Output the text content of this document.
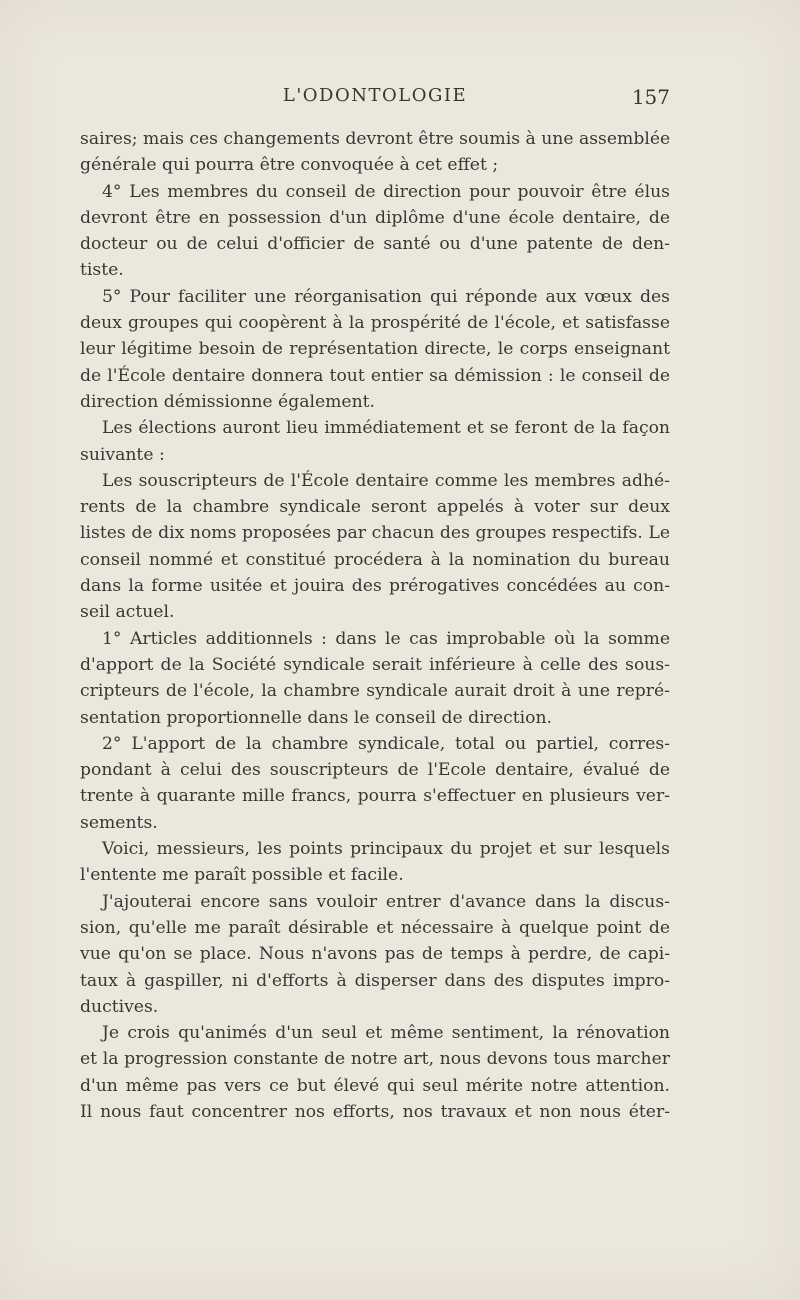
L'ODONTOLOGIE	157
saires; mais ces changements devront être soumis à une assemblée
générale qui pourra être convoquée à cet effet ;
4° Les membres du conseil de direction pour pouvoir être élus
devront être en possession d'un diplôme d'une école dentaire, de
docteur ou de celui d'officier de santé ou d'une patente de den-
tiste.
5° Pour faciliter une réorganisation qui réponde aux vœux des
deux groupes qui coopèrent à la prospérité de l'école, et satisfasse
leur légitime besoin de représentation directe, le corps enseignant
de l'École dentaire donnera tout entier sa démission : le conseil de
direction démissionne également.
Les élections auront lieu immédiatement et se feront de la façon
suivante :
Les souscripteurs de l'École dentaire comme les membres adhé-
rents de la chambre syndicale seront appelés à voter sur deux
listes de dix noms proposées par chacun des groupes respectifs. Le
conseil nommé et constitué procédera à la nomination du bureau
dans la forme usitée et jouira des prérogatives concédées au con-
seil actuel.
1° Articles additionnels : dans le cas improbable où la somme
d'apport de la Société syndicale serait inférieure à celle des sous-
cripteurs de l'école, la chambre syndicale aurait droit à une repré-
sentation proportionnelle dans le conseil de direction.
2° L'apport de la chambre syndicale, total ou partiel, corres-
pondant à celui des souscripteurs de l'Ecole dentaire, évalué de
trente à quarante mille francs, pourra s'effectuer en plusieurs ver-
sements.
Voici, messieurs, les points principaux du projet et sur lesquels
l'entente me paraît possible et facile.
J'ajouterai encore sans vouloir entrer d'avance dans la discus-
sion, qu'elle me paraît désirable et nécessaire à quelque point de
vue qu'on se place. Nous n'avons pas de temps à perdre, de capi-
taux à gaspiller, ni d'efforts à disperser dans des disputes impro-
ductives.
Je crois qu'animés d'un seul et même sentiment, la rénovation
et la progression constante de notre art, nous devons tous marcher
d'un même pas vers ce but élevé qui seul mérite notre attention.
Il nous faut concentrer nos efforts, nos travaux et non nous éter-
